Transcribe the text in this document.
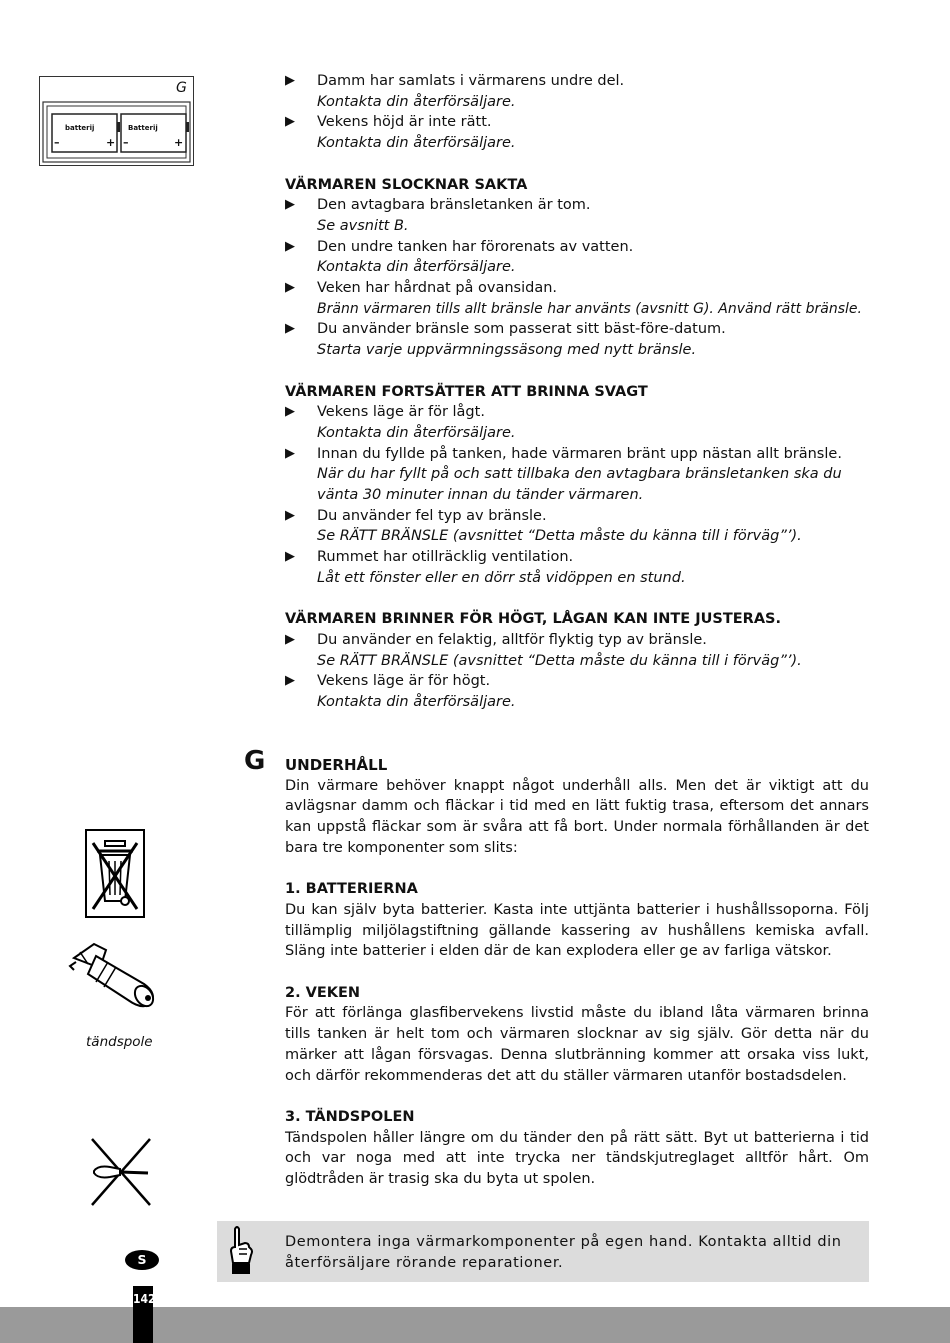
G
batterij	Batterij
–	+ –	+
▶ Damm har samlats i värmarens undre del.
Kontakta din återförsäljare.
▶ Vekens höjd är inte rätt.
Kontakta din återförsäljare.
VÄRMAREN SLOCKNAR SAKTA
▶ Den avtagbara bränsletanken är tom.
Se avsnitt B.
▶ Den undre tanken har förorenats av vatten.
Kontakta din återförsäljare.
▶ Veken har hårdnat på ovansidan.
Bränn värmaren tills allt bränsle har använts (avsnitt G). Använd rätt bränsle.
▶ Du använder bränsle som passerat sitt bäst-före-datum.
Starta varje uppvärmningssäsong med nytt bränsle.
VÄRMAREN FORTSÄTTER ATT BRINNA SVAGT
▶ Vekens läge är för lågt.
Kontakta din återförsäljare.
▶ Innan du fyllde på tanken, hade värmaren bränt upp nästan allt bränsle.
När du har fyllt på och satt tillbaka den avtagbara bränsletanken ska du vänta 30 minuter innan du tänder värmaren.
▶ Du använder fel typ av bränsle.
Se RÄTT BRÄNSLE (avsnittet “Detta måste du känna till i förväg”’).
▶ Rummet har otillräcklig ventilation.
Låt ett fönster eller en dörr stå vidöppen en stund.
VÄRMAREN BRINNER FÖR HÖGT, LÅGAN KAN INTE JUSTERAS.
▶ Du använder en felaktig, alltför flyktig typ av bränsle.
Se RÄTT BRÄNSLE (avsnittet “Detta måste du känna till i förväg”’).
▶ Vekens läge är för högt.
Kontakta din återförsäljare.
G UNDERHÅLL
Din värmare behöver knappt något underhåll alls. Men det är viktigt att du avlägsnar damm och fläckar i tid med en lätt fuktig trasa, eftersom det annars kan uppstå fläckar som är svåra att få bort. Under normala förhållanden är det bara tre komponenter som slits:
1. BATTERIERNA
Du kan själv byta batterier. Kasta inte uttjänta batterier i hushållssoporna. Följ tillämplig miljölagstiftning gällande kassering av hushållens kemiska avfall. Släng inte batterier i elden där de kan explodera eller ge av farliga vätskor.
2. VEKEN
För att förlänga glasfibervekens livstid måste du ibland låta värmaren brinna tills tanken är helt tom och värmaren slocknar av sig själv. Gör detta när du märker att lågan försvagas. Denna slutbränning kommer att orsaka viss lukt, och därför rekommenderas det att du ställer värmaren utanför bostadsdelen.
3. TÄNDSPOLEN
Tändspolen håller längre om du tänder den på rätt sätt. Byt ut batterierna i tid och var noga med att inte trycka ner tändskjutreglaget alltför hårt. Om glödtråden är trasig ska du byta ut spolen.
tändspole
Demontera inga värmarkomponenter på egen hand. Kontakta alltid din återförsäljare rörande reparationer.
S
142
